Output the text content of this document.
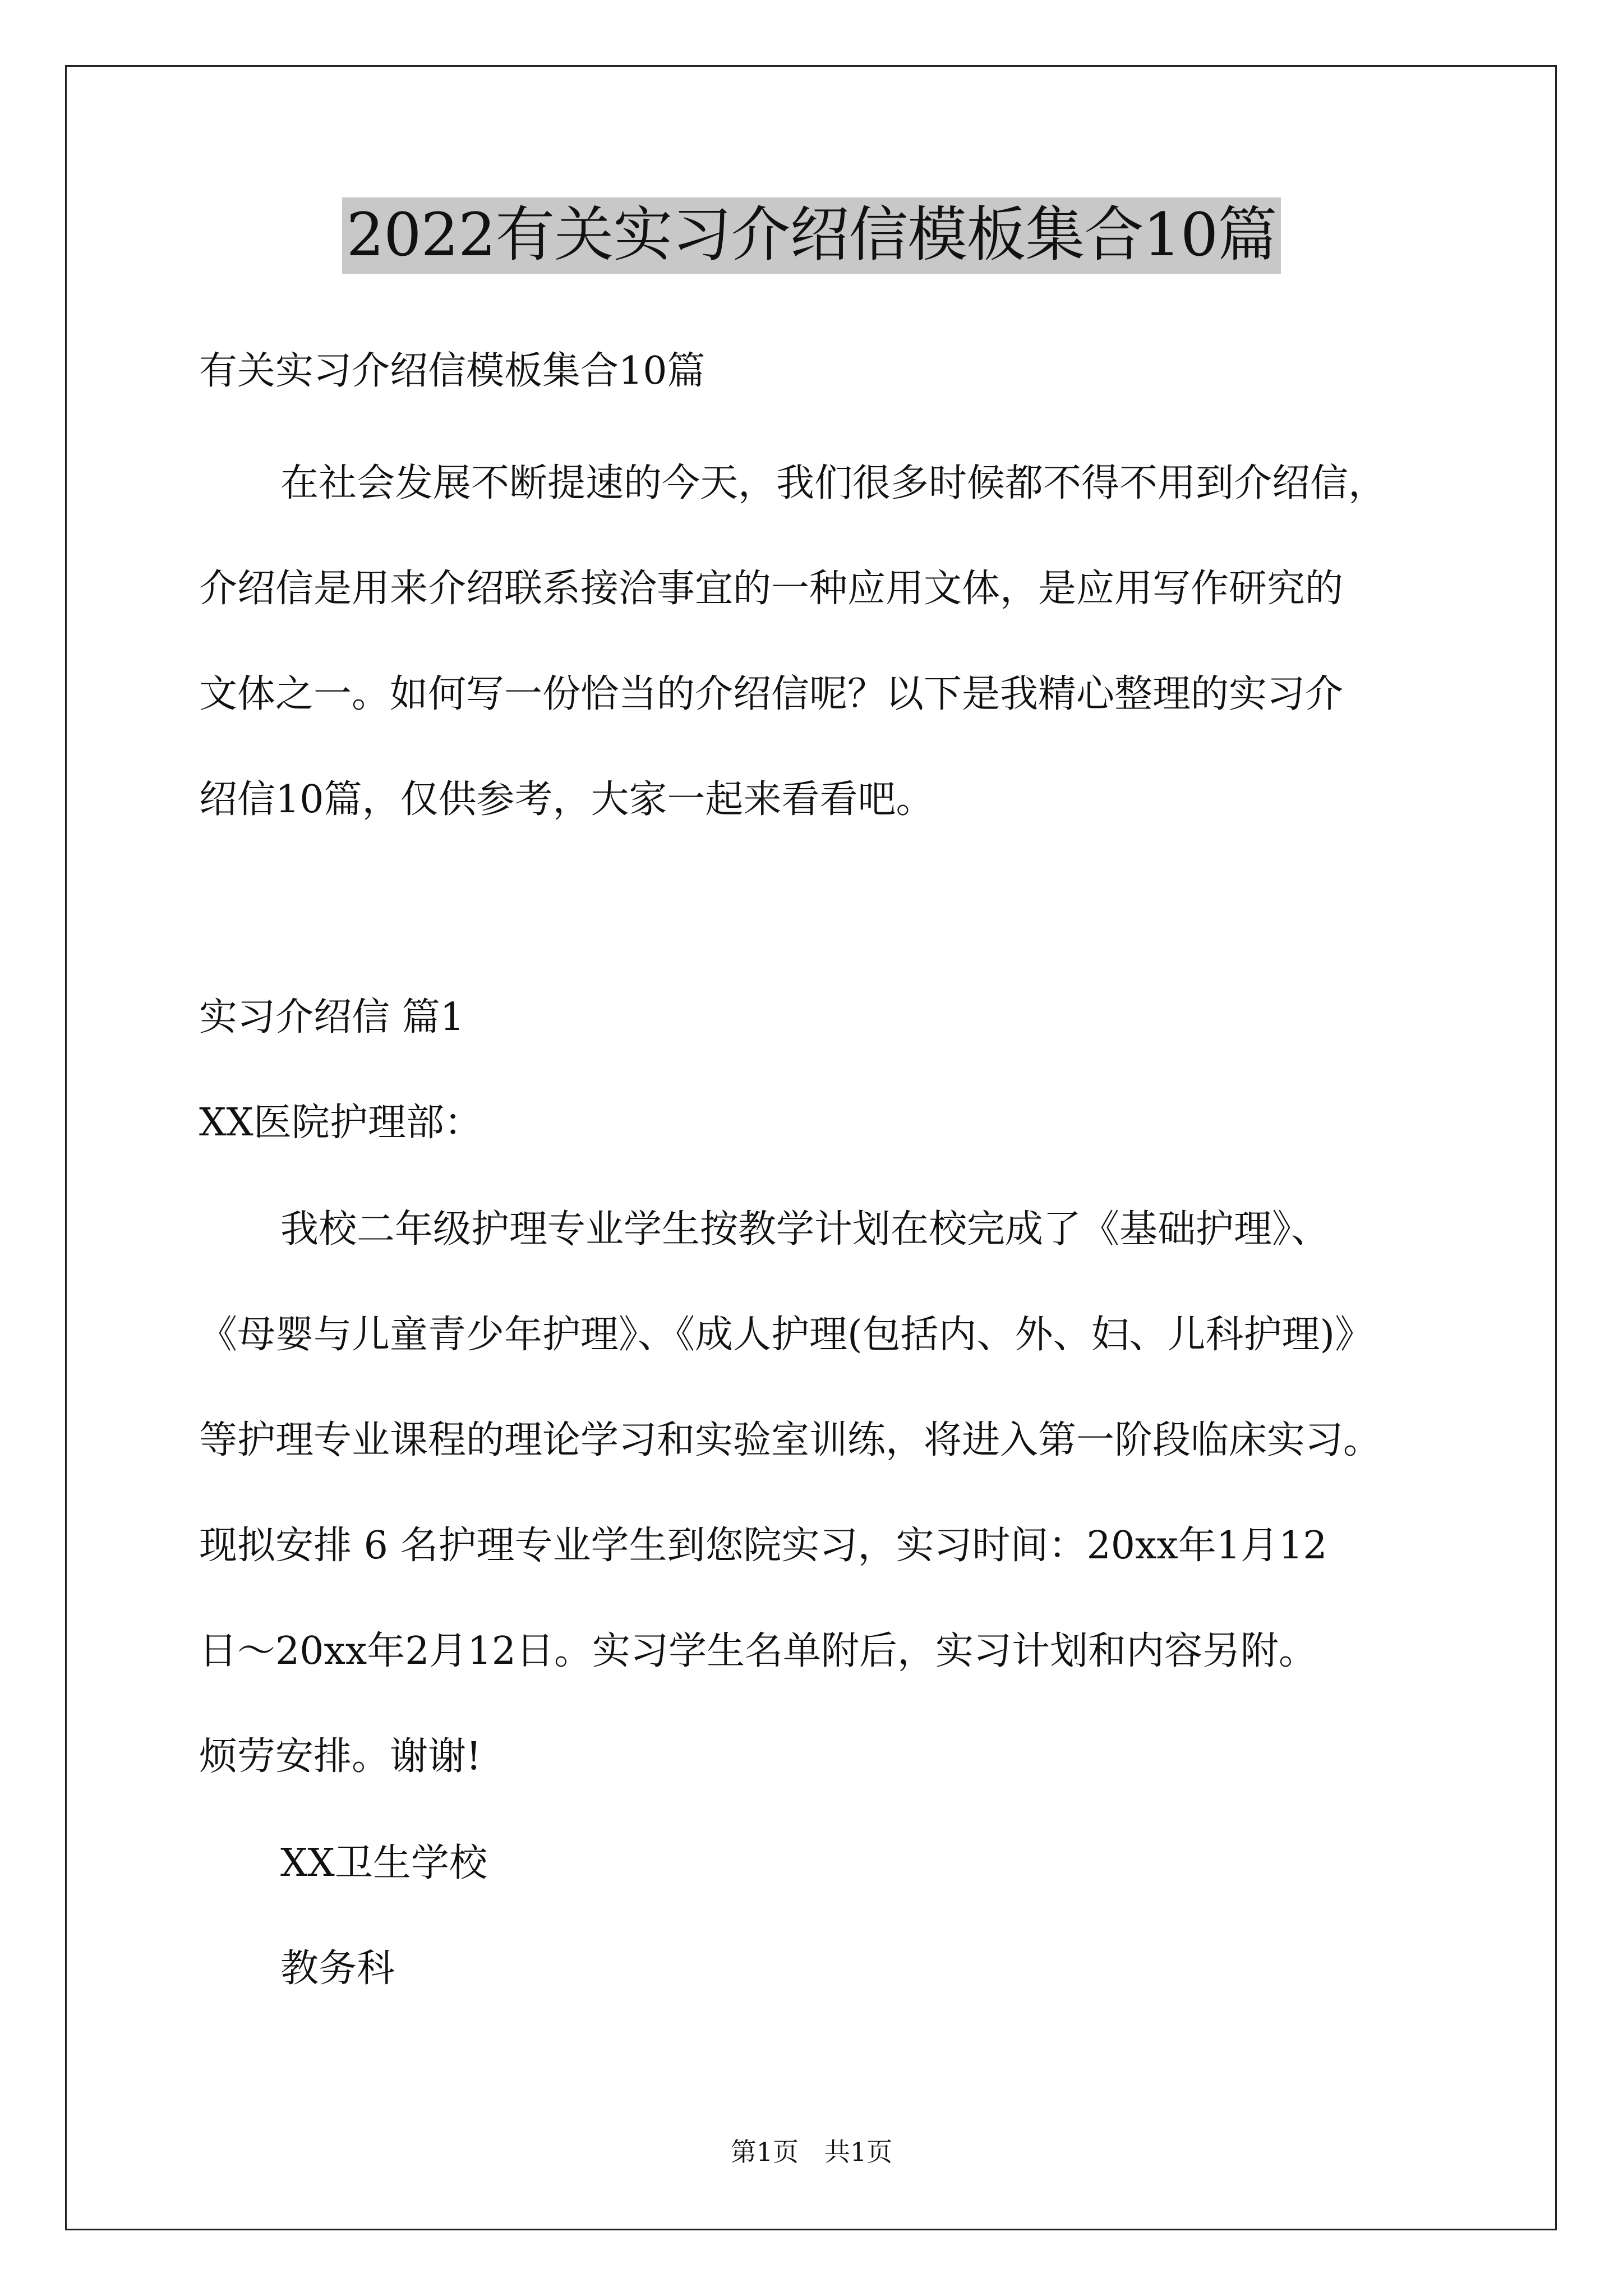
2022有关实习介绍信模板集合10篇
有关实习介绍信模板集合10篇
在社会发展不断提速的今天，我们很多时候都不得不用到介绍信，
介绍信是用来介绍联系接洽事宜的一种应用文体，是应用写作研究的
文体之一。如何写一份恰当的介绍信呢？以下是我精心整理的实习介
绍信10篇，仅供参考，大家一起来看看吧。
实习介绍信 篇1
XX医院护理部：
我校二年级护理专业学生按教学计划在校完成了《基础护理》、
《母婴与儿童青少年护理》、《成人护理(包括内、外、妇、儿科护理)》
等护理专业课程的理论学习和实验室训练，将进入第一阶段临床实习。
现拟安排 6 名护理专业学生到您院实习，实习时间：20xx年1月12
日～20xx年2月12日。实习学生名单附后，实习计划和内容另附。
烦劳安排。谢谢!
XX卫生学校
教务科
第1页　共1页
